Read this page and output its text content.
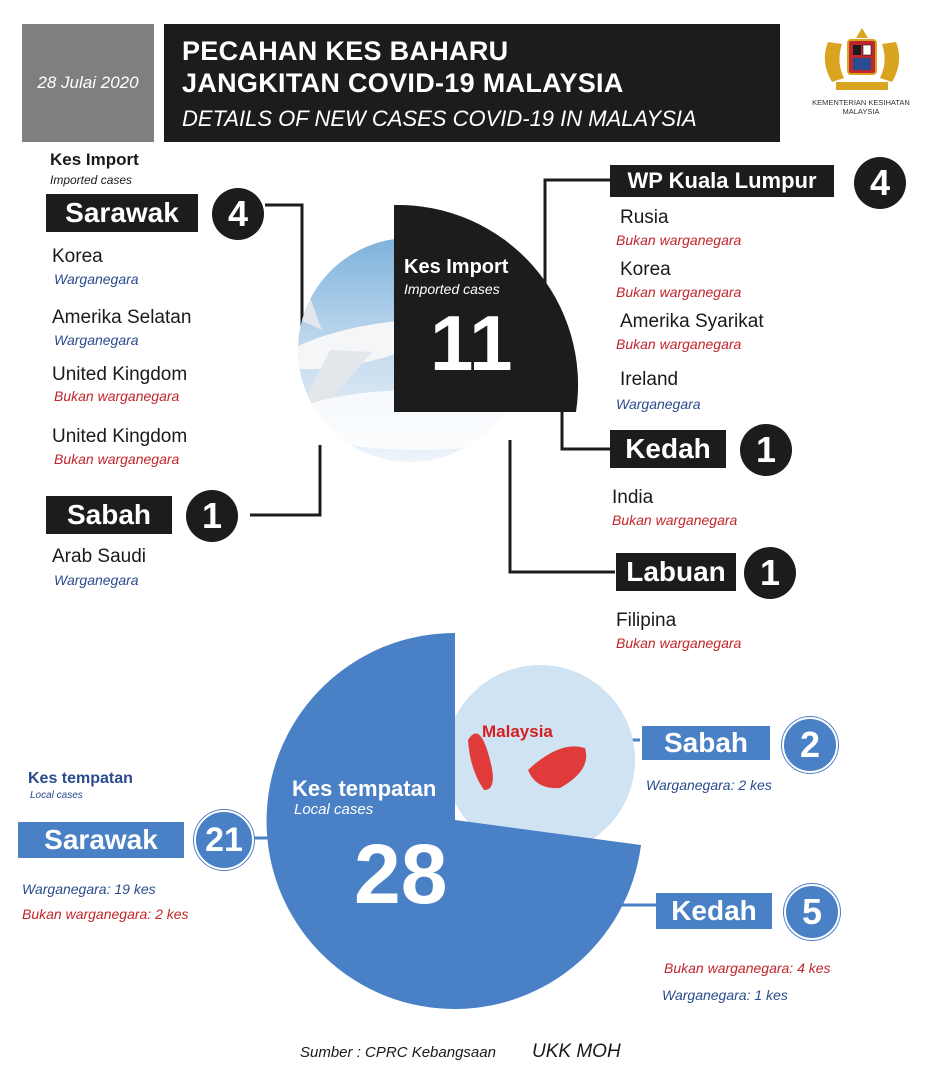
28 Julai 2020
PECAHAN KES BAHARU
JANGKITAN COVID-19 MALAYSIA
DETAILS OF NEW CASES COVID-19 IN MALAYSIA
KEMENTERIAN KESIHATAN MALAYSIA
Kes Import
Imported cases
Kes Import
Imported cases
11
Sarawak 4
Korea
Warganegara
Amerika Selatan
Warganegara
United Kingdom
Bukan warganegara
United Kingdom
Bukan warganegara
Sabah 1
Arab Saudi
Warganegara
WP Kuala Lumpur 4
Rusia
Bukan warganegara
Korea
Bukan warganegara
Amerika Syarikat
Bukan warganegara
Ireland
Warganegara
Kedah 1
India
Bukan warganegara
Labuan 1
Filipina
Bukan warganegara
Kes tempatan
Local cases
Malaysia
Kes tempatan
Local cases
28
Sarawak 21
Warganegara: 19 kes
Bukan warganegara: 2 kes
Sabah 2
Warganegara: 2 kes
Kedah 5
Bukan warganegara: 4 kes
Warganegara: 1 kes
Sumber : CPRC Kebangsaan UKK MOH
